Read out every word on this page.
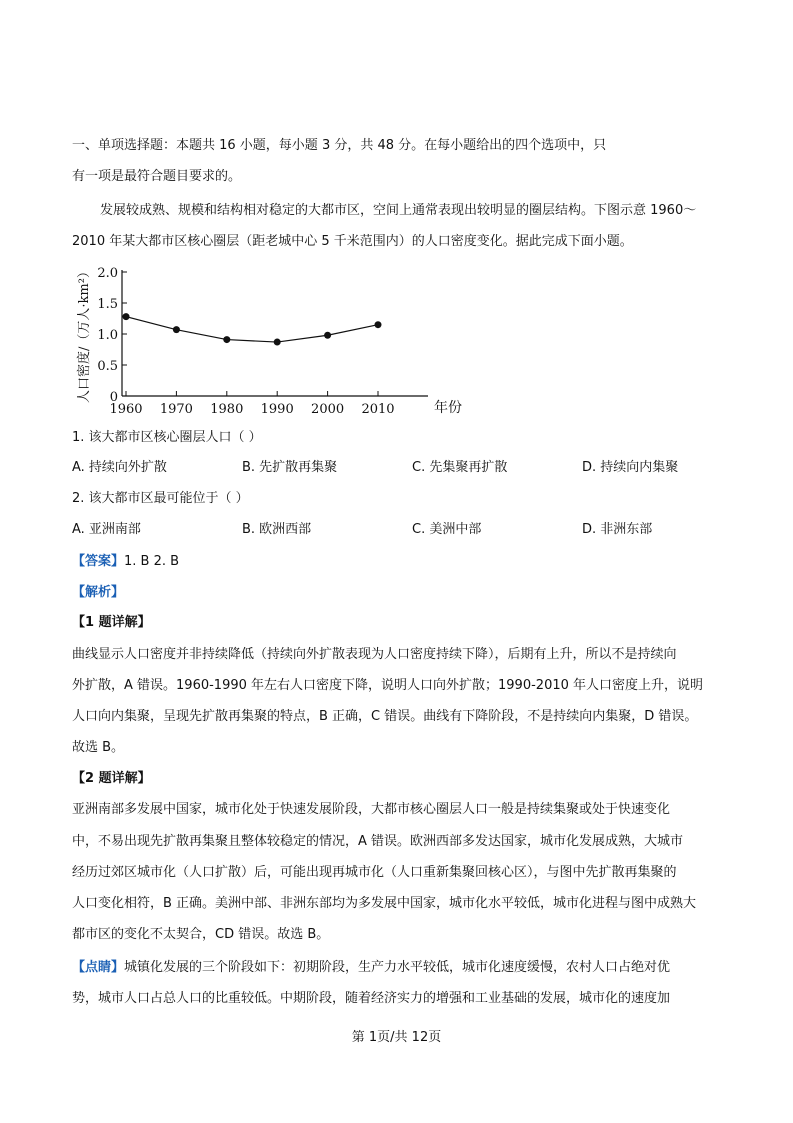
一、单项选择题：本题共 16 小题，每小题 3 分，共 48 分。在每小题给出的四个选项中，只
有一项是最符合题目要求的。
发展较成熟、规模和结构相对稳定的大都市区，空间上通常表现出较明显的圈层结构。下图示意 1960～
2010 年某大都市区核心圈层（距老城中心 5 千米范围内）的人口密度变化。据此完成下面小题。
0
0.5
1.0
1.5
2.0
1960 1970 1980 1990 2000 2010
人口密度/（万人·km²）
年份
1. 该大都市区核心圈层人口（ ）
A. 持续向外扩散	B. 先扩散再集聚	C. 先集聚再扩散	D. 持续向内集聚
2. 该大都市区最可能位于（ ）
A. 亚洲南部	B. 欧洲西部	C. 美洲中部	D. 非洲东部
【答案】1. B 2. B
【解析】
【1 题详解】
曲线显示人口密度并非持续降低（持续向外扩散表现为人口密度持续下降），后期有上升，所以不是持续向
外扩散，A 错误。1960-1990 年左右人口密度下降，说明人口向外扩散；1990-2010 年人口密度上升，说明
人口向内集聚，呈现先扩散再集聚的特点，B 正确，C 错误。曲线有下降阶段，不是持续向内集聚，D 错误。
故选 B。
【2 题详解】
亚洲南部多发展中国家，城市化处于快速发展阶段，大都市核心圈层人口一般是持续集聚或处于快速变化
中，不易出现先扩散再集聚且整体较稳定的情况，A 错误。欧洲西部多发达国家，城市化发展成熟，大城市
经历过郊区城市化（人口扩散）后，可能出现再城市化（人口重新集聚回核心区），与图中先扩散再集聚的
人口变化相符，B 正确。美洲中部、非洲东部均为多发展中国家，城市化水平较低，城市化进程与图中成熟大
都市区的变化不太契合，CD 错误。故选 B。
【点睛】城镇化发展的三个阶段如下：初期阶段，生产力水平较低，城市化速度缓慢，农村人口占绝对优
势，城市人口占总人口的比重较低。中期阶段，随着经济实力的增强和工业基础的发展，城市化的速度加
第 1页/共 12页
